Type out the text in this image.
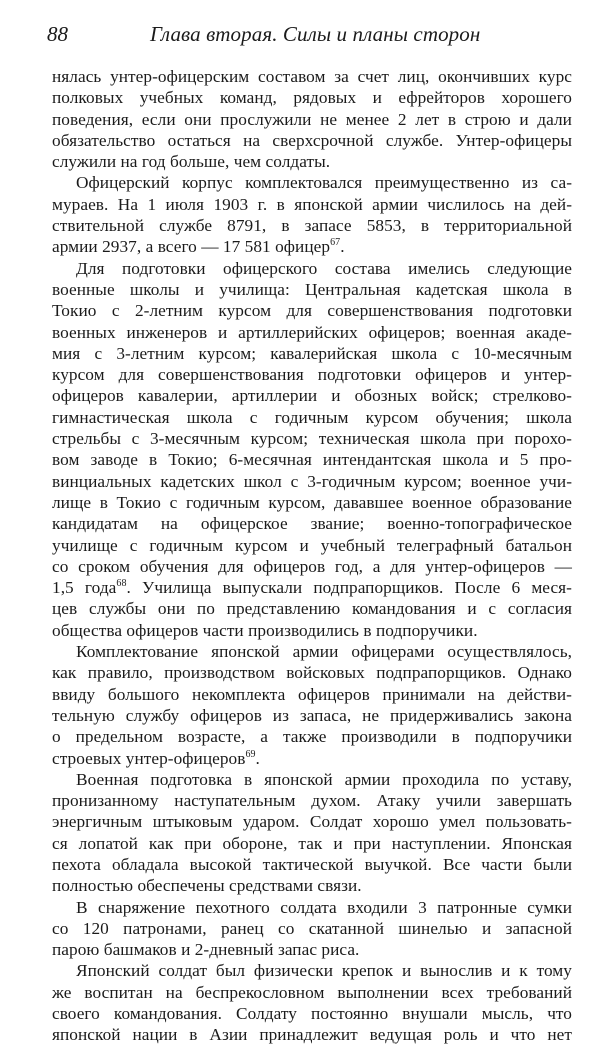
88	Глава вторая. Силы и планы сторон

нялась унтер-офицерским составом за счет лиц, окончивших курс
полковых учебных команд, рядовых и ефрейторов хорошего
поведения, если они прослужили не менее 2 лет в строю и дали
обязательство остаться на сверхсрочной службе. Унтер-офицеры
служили на год больше, чем солдаты.

Офицерский корпус комплектовался преимущественно из са-
мураев. На 1 июля 1903 г. в японской армии числилось на дей-
ствительной службе 8791, в запасе 5853, в территориальной
армии 2937, а всего — 17 581 офицер$^{67}$.

Для подготовки офицерского состава имелись следующие
военные школы и училища: Центральная кадетская школа в
Токио с 2-летним курсом для совершенствования подготовки
военных инженеров и артиллерийских офицеров; военная акаде-
мия с 3-летним курсом; кавалерийская школа с 10-месячным
курсом для совершенствования подготовки офицеров и унтер-
офицеров кавалерии, артиллерии и обозных войск; стрелково-
гимнастическая школа с годичным курсом обучения; школа
стрельбы с 3-месячным курсом; техническая школа при порохо-
вом заводе в Токио; 6-месячная интендантская школа и 5 про-
винциальных кадетских школ с 3-годичным курсом; военное учи-
лище в Токио с годичным курсом, дававшее военное образование
кандидатам на офицерское звание; военно-топографическое
училище с годичным курсом и учебный телеграфный батальон
со сроком обучения для офицеров год, а для унтер-офицеров —
1,5 года$^{68}$. Училища выпускали подпрапорщиков. После 6 меся-
цев службы они по представлению командования и с согласия
общества офицеров части производились в подпоручики.

Комплектование японской армии офицерами осуществлялось,
как правило, производством войсковых подпрапорщиков. Однако
ввиду большого некомплекта офицеров принимали на действи-
тельную службу офицеров из запаса, не придерживались закона
о предельном возрасте, а также производили в подпоручики
строевых унтер-офицеров$^{69}$.

Военная подготовка в японской армии проходила по уставу,
пронизанному наступательным духом. Атаку учили завершать
энергичным штыковым ударом. Солдат хорошо умел пользовать-
ся лопатой как при обороне, так и при наступлении. Японская
пехота обладала высокой тактической выучкой. Все части были
полностью обеспечены средствами связи.

В снаряжение пехотного солдата входили 3 патронные сумки
со 120 патронами, ранец со скатанной шинелью и запасной
парою башмаков и 2-дневный запас риса.

Японский солдат был физически крепок и вынослив и к тому
же воспитан на беспрекословном выполнении всех требований
своего командования. Солдату постоянно внушали мысль, что
японской нации в Азии принадлежит ведущая роль и что нет
